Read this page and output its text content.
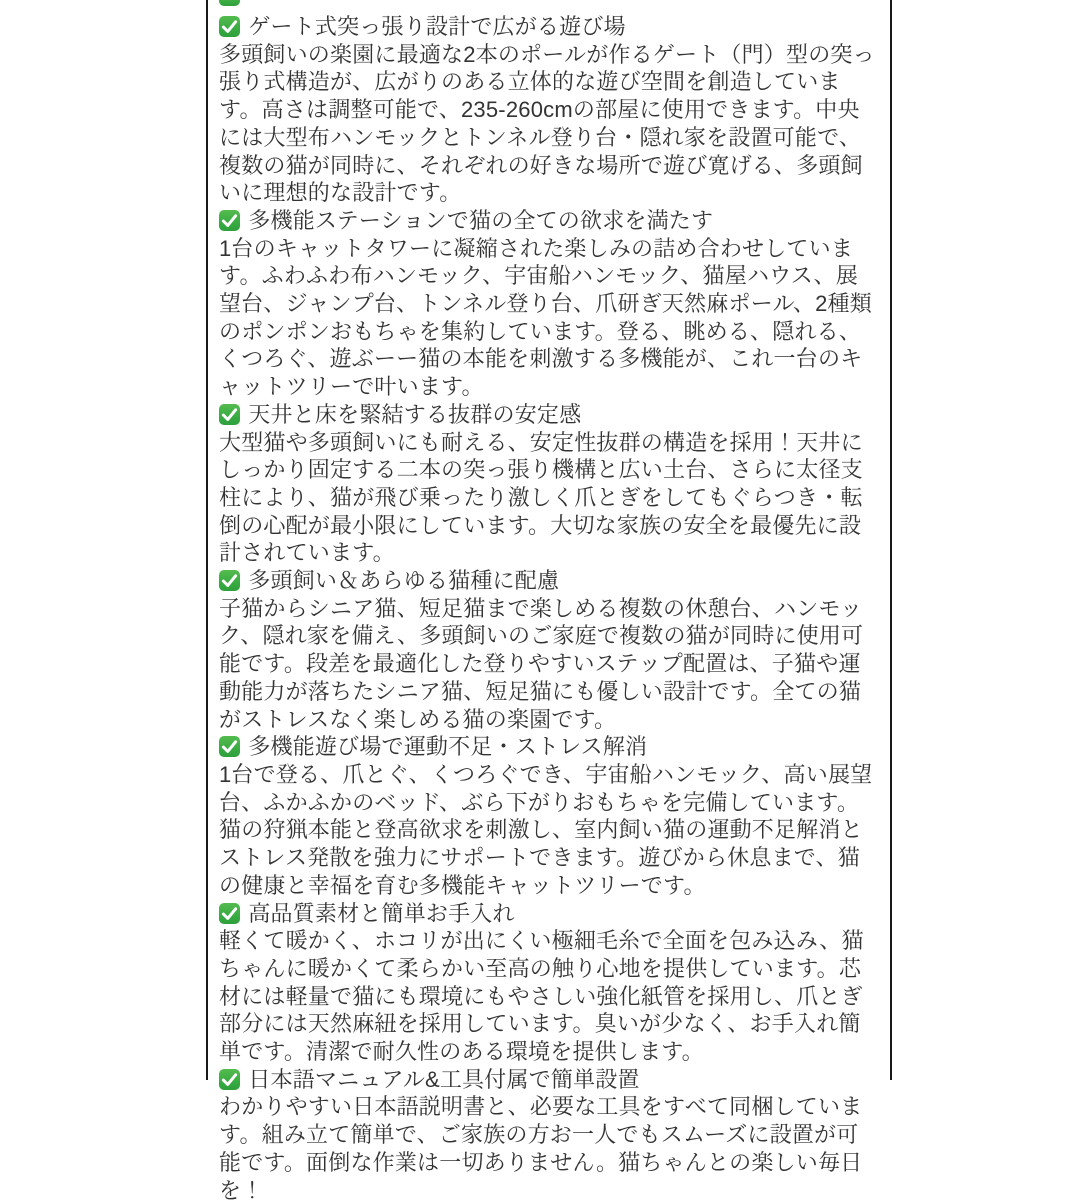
ゲート式突っ張り設計で広がる遊び場

多頭飼いの楽園に最適な2本のポールが作るゲート（門）型の突っ張り式構造が、広がりのある立体的な遊び空間を創造しています。高さは調整可能で、235-260cmの部屋に使用できます。中央には大型布ハンモックとトンネル登り台・隠れ家を設置可能で、複数の猫が同時に、それぞれの好きな場所で遊び寛げる、多頭飼いに理想的な設計です。

多機能ステーションで猫の全ての欲求を満たす

1台のキャットタワーに凝縮された楽しみの詰め合わせしています。ふわふわ布ハンモック、宇宙船ハンモック、猫屋ハウス、展望台、ジャンプ台、トンネル登り台、爪研ぎ天然麻ポール、2種類のポンポンおもちゃを集約しています。登る、眺める、隠れる、くつろぐ、遊ぶーー猫の本能を刺激する多機能が、これ一台のキャットツリーで叶います。

天井と床を緊結する抜群の安定感

大型猫や多頭飼いにも耐える、安定性抜群の構造を採用！天井にしっかり固定する二本の突っ張り機構と広い土台、さらに太径支柱により、猫が飛び乗ったり激しく爪とぎをしてもぐらつき・転倒の心配が最小限にしています。大切な家族の安全を最優先に設計されています。

多頭飼い＆あらゆる猫種に配慮

子猫からシニア猫、短足猫まで楽しめる複数の休憩台、ハンモック、隠れ家を備え、多頭飼いのご家庭で複数の猫が同時に使用可能です。段差を最適化した登りやすいステップ配置は、子猫や運動能力が落ちたシニア猫、短足猫にも優しい設計です。全ての猫がストレスなく楽しめる猫の楽園です。

多機能遊び場で運動不足・ストレス解消

1台で登る、爪とぐ、くつろぐでき、宇宙船ハンモック、高い展望台、ふかふかのベッド、ぶら下がりおもちゃを完備しています。猫の狩猟本能と登高欲求を刺激し、室内飼い猫の運動不足解消とストレス発散を強力にサポートできます。遊びから休息まで、猫の健康と幸福を育む多機能キャットツリーです。

高品質素材と簡単お手入れ

軽くて暖かく、ホコリが出にくい極細毛糸で全面を包み込み、猫ちゃんに暖かくて柔らかい至高の触り心地を提供しています。芯材には軽量で猫にも環境にもやさしい強化紙管を採用し、爪とぎ部分には天然麻紐を採用しています。臭いが少なく、お手入れ簡単です。清潔で耐久性のある環境を提供します。

日本語マニュアル&工具付属で簡単設置

わかりやすい日本語説明書と、必要な工具をすべて同梱しています。組み立て簡単で、ご家族の方お一人でもスムーズに設置が可能です。面倒な作業は一切ありません。猫ちゃんとの楽しい毎日を！
